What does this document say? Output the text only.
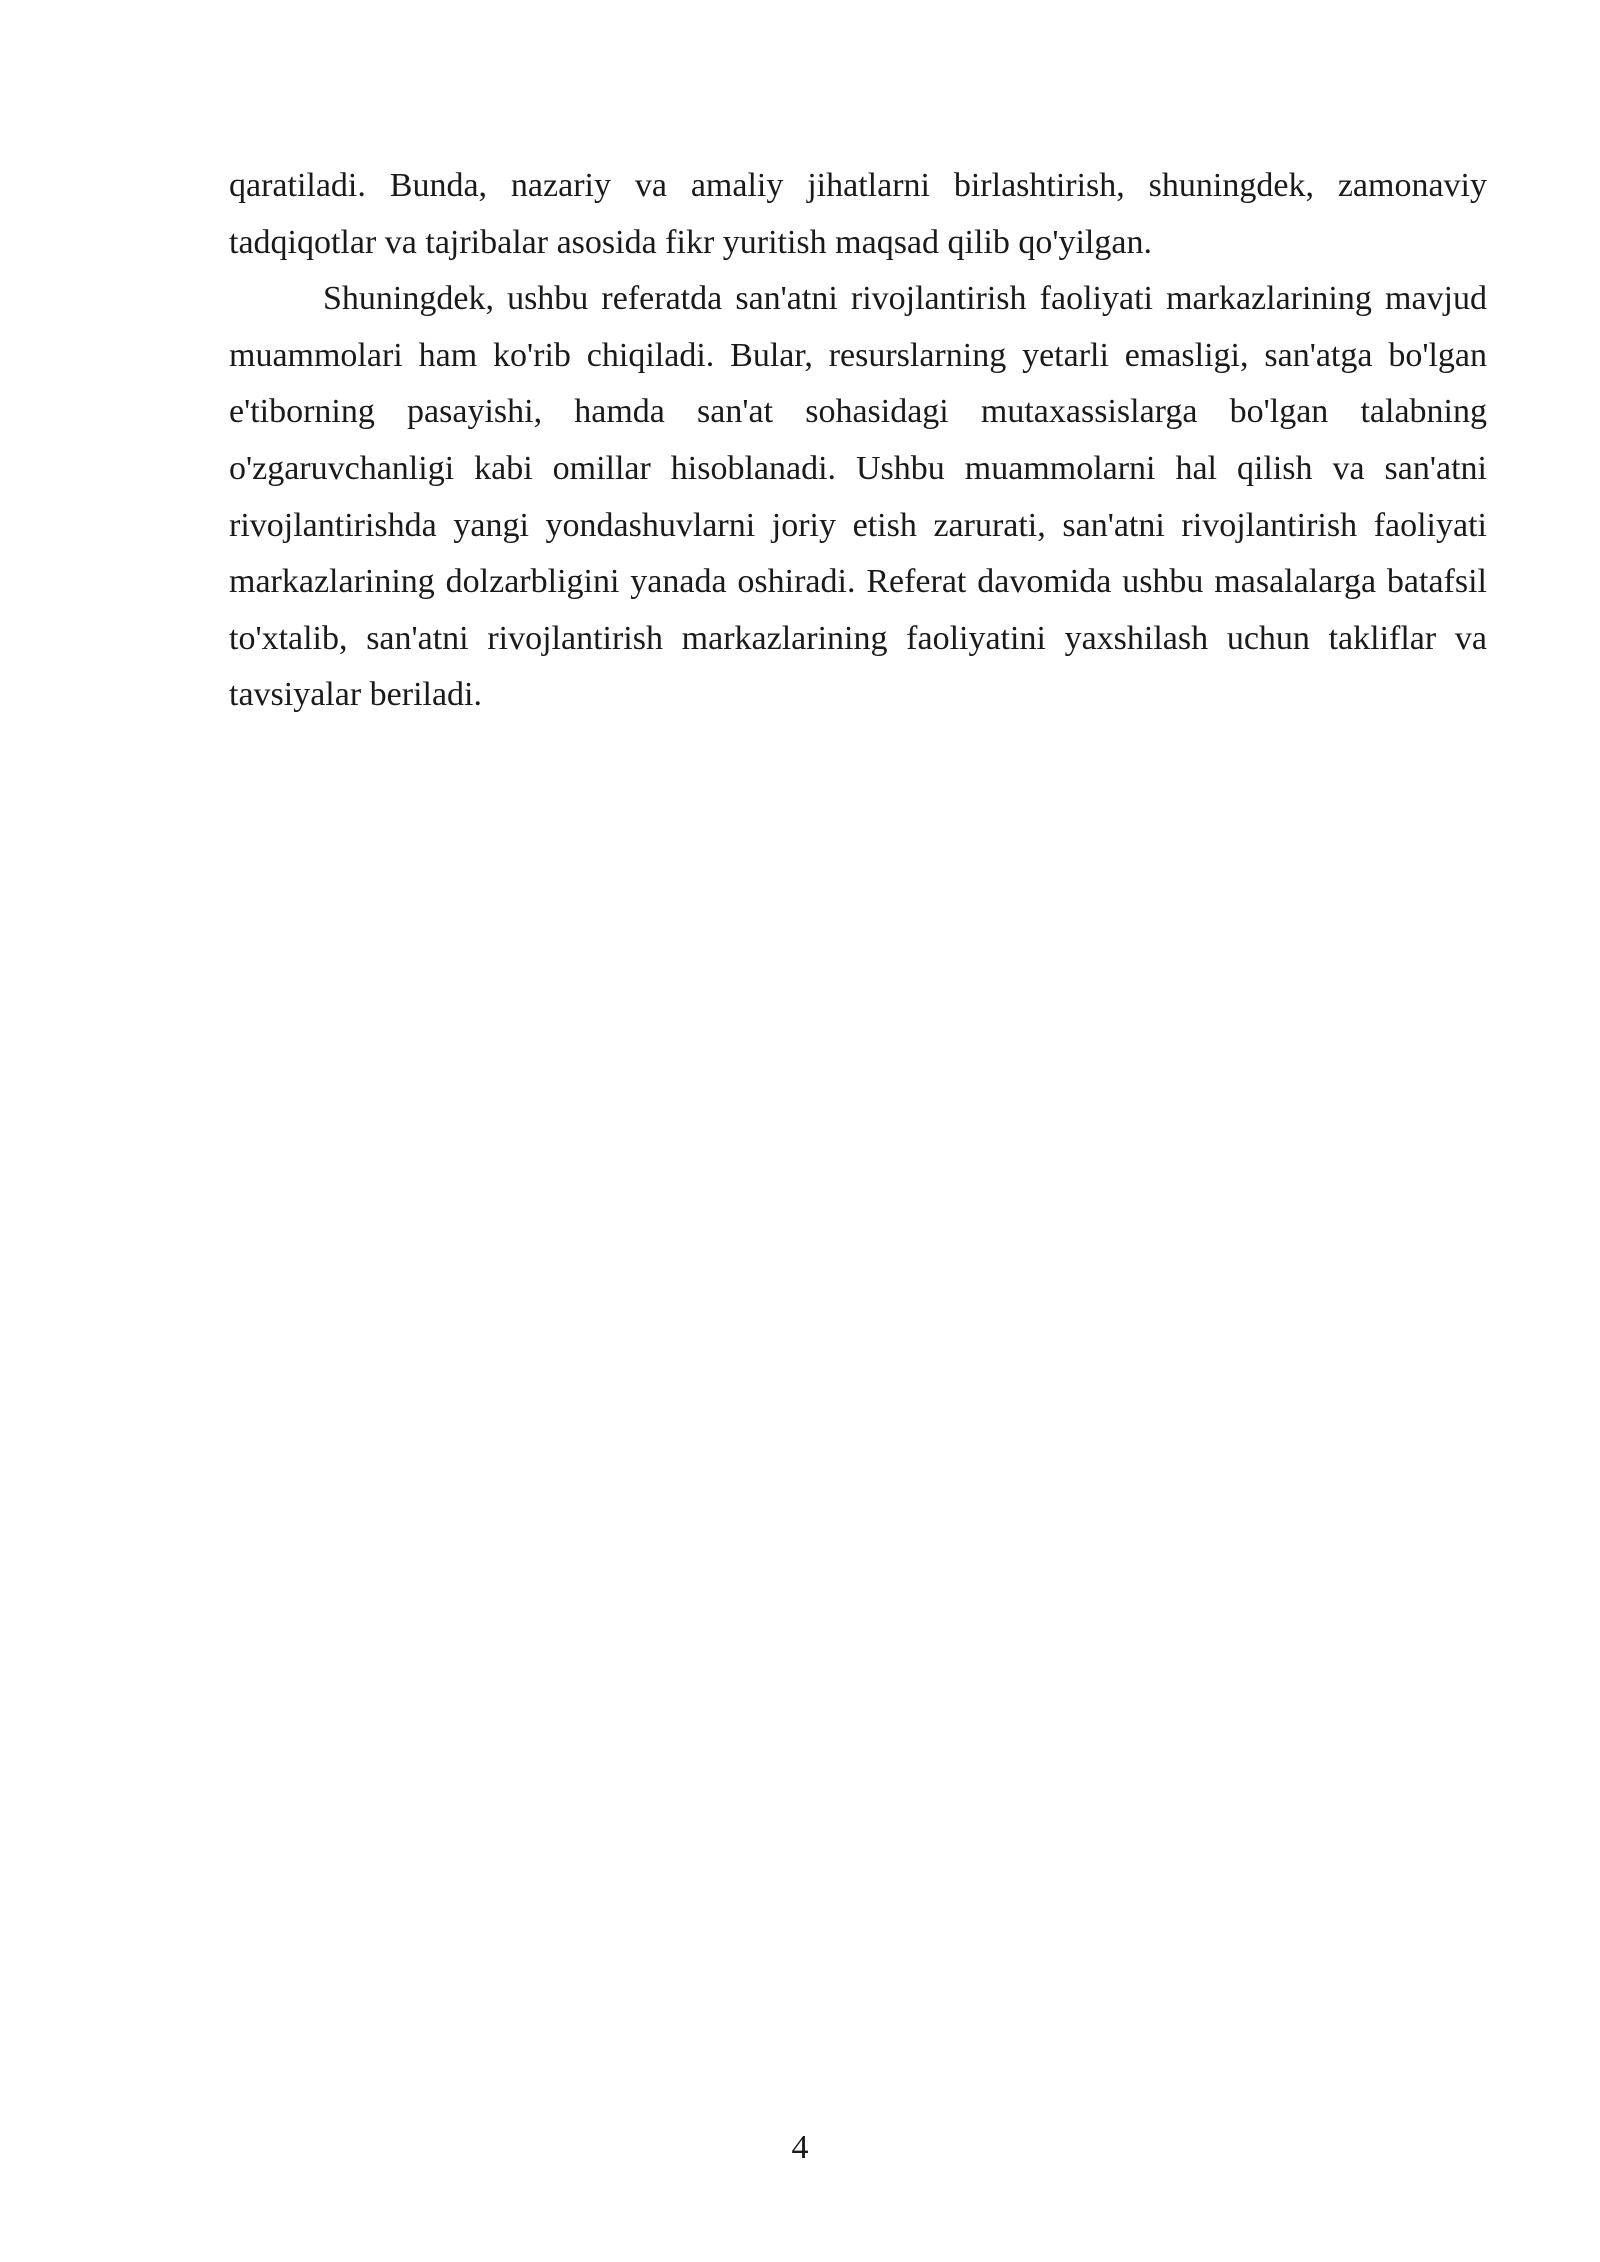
qaratiladi. Bunda, nazariy va amaliy jihatlarni birlashtirish, shuningdek, zamonaviy tadqiqotlar va tajribalar asosida fikr yuritish maqsad qilib qo'yilgan.

Shuningdek, ushbu referatda san'atni rivojlantirish faoliyati markazlarining mavjud muammolari ham ko'rib chiqiladi. Bular, resurslarning yetarli emasligi, san'atga bo'lgan e'tiborning pasayishi, hamda san'at sohasidagi mutaxassislarga bo'lgan talabning o'zgaruvchanligi kabi omillar hisoblanadi. Ushbu muammolarni hal qilish va san'atni rivojlantirishda yangi yondashuvlarni joriy etish zarurati, san'atni rivojlantirish faoliyati markazlarining dolzarbligini yanada oshiradi. Referat davomida ushbu masalalarga batafsil to'xtalib, san'atni rivojlantirish markazlarining faoliyatini yaxshilash uchun takliflar va tavsiyalar beriladi.

4
